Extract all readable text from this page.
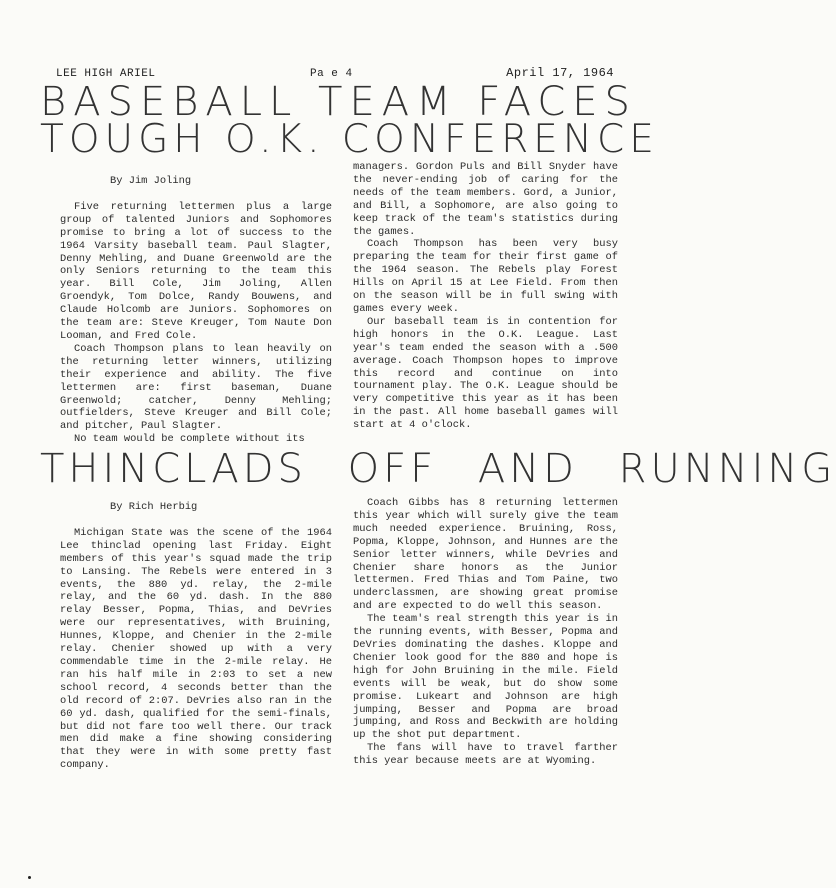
LEE HIGH ARIEL	Pa e 4	April 17, 1964
BASEBALL TEAM FACES
TOUGH O.K. CONFERENCE

By Jim Joling

Five returning lettermen plus a large group of talented Juniors and Sophomores promise to bring a lot of success to the 1964 Varsity baseball team. Paul Slagter, Denny Mehling, and Duane Greenwold are the only Seniors returning to the team this year. Bill Cole, Jim Joling, Allen Groendyk, Tom Dolce, Randy Bouwens, and Claude Holcomb are Juniors. Sophomores on the team are: Steve Kreuger, Tom Naute Don Looman, and Fred Cole.

Coach Thompson plans to lean heavily on the returning letter winners, utilizing their experience and ability. The five lettermen are: first baseman, Duane Greenwold; catcher, Denny Mehling; outfielders, Steve Kreuger and Bill Cole; and pitcher, Paul Slagter.

No team would be complete without its

managers. Gordon Puls and Bill Snyder have the never-ending job of caring for the needs of the team members. Gord, a Junior, and Bill, a Sophomore, are also going to keep track of the team's statistics during the games.

Coach Thompson has been very busy preparing the team for their first game of the 1964 season. The Rebels play Forest Hills on April 15 at Lee Field. From then on the season will be in full swing with games every week.

Our baseball team is in contention for high honors in the O.K. League. Last year's team ended the season with a .500 average. Coach Thompson hopes to improve this record and continue on into tournament play. The O.K. League should be very competitive this year as it has been in the past. All home baseball games will start at 4 o'clock.

THINCLADS OFF AND RUNNING

By Rich Herbig

Michigan State was the scene of the 1964 Lee thinclad opening last Friday. Eight members of this year's squad made the trip to Lansing. The Rebels were entered in 3 events, the 880 yd. relay, the 2-mile relay, and the 60 yd. dash. In the 880 relay Besser, Popma, Thias, and DeVries were our representatives, with Bruining, Hunnes, Kloppe, and Chenier in the 2-mile relay. Chenier showed up with a very commendable time in the 2-mile relay. He ran his half mile in 2:03 to set a new school record, 4 seconds better than the old record of 2:07. DeVries also ran in the 60 yd. dash, qualified for the semi-finals, but did not fare too well there. Our track men did make a fine showing considering that they were in with some pretty fast company.

Coach Gibbs has 8 returning lettermen this year which will surely give the team much needed experience. Bruining, Ross, Popma, Kloppe, Johnson, and Hunnes are the Senior letter winners, while DeVries and Chenier share honors as the Junior lettermen. Fred Thias and Tom Paine, two underclassmen, are showing great promise and are expected to do well this season.

The team's real strength this year is in the running events, with Besser, Popma and DeVries dominating the dashes. Kloppe and Chenier look good for the 880 and hope is high for John Bruining in the mile. Field events will be weak, but do show some promise. Lukeart and Johnson are high jumping, Besser and Popma are broad jumping, and Ross and Beckwith are holding up the shot put department.

The fans will have to travel farther this year because meets are at Wyoming.
